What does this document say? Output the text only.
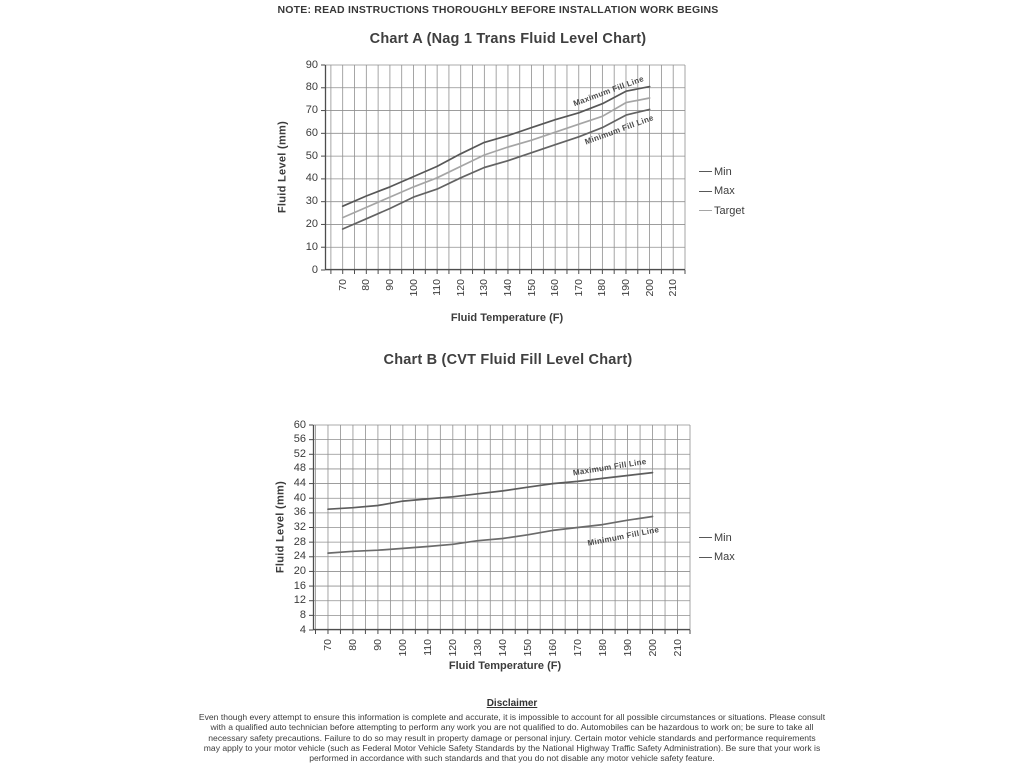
NOTE: READ INSTRUCTIONS THOROUGHLY BEFORE INSTALLATION WORK BEGINS
Chart A (Nag 1 Trans Fluid Level Chart)
Fluid Level (mm)
Maximum Fill Line
Minimum Fill Line
Fluid Temperature (F)
Min
Max
Target
Chart B (CVT Fluid Fill Level Chart)
Fluid Level (mm)
Maximum Fill Line
Minimum Fill Line
Fluid Temperature (F)
Min
Max
Disclaimer
Even though every attempt to ensure this information is complete and accurate, it is impossible to account for all possible circumstances or situations. Please consult
with a qualified auto technician before attempting to perform any work you are not qualified to do. Automobiles can be hazardous to work on; be sure to take all
necessary safety precautions. Failure to do so may result in property damage or personal injury. Certain motor vehicle standards and performance requirements
may apply to your motor vehicle (such as Federal Motor Vehicle Safety Standards by the National Highway Traffic Safety Administration). Be sure that your work is
performed in accordance with such standards and that you do not disable any motor vehicle safety feature.
70 80 90 100 110 120 130 140 150 160 170 180 190 200 210
0
10
20
30
40
50
60
70
80
90
70 80 90 100 110 120 130 140 150 160 170 180 190 200 210
4
8
12
16
20
24
28
32
36
40
44
48
52
56
60
